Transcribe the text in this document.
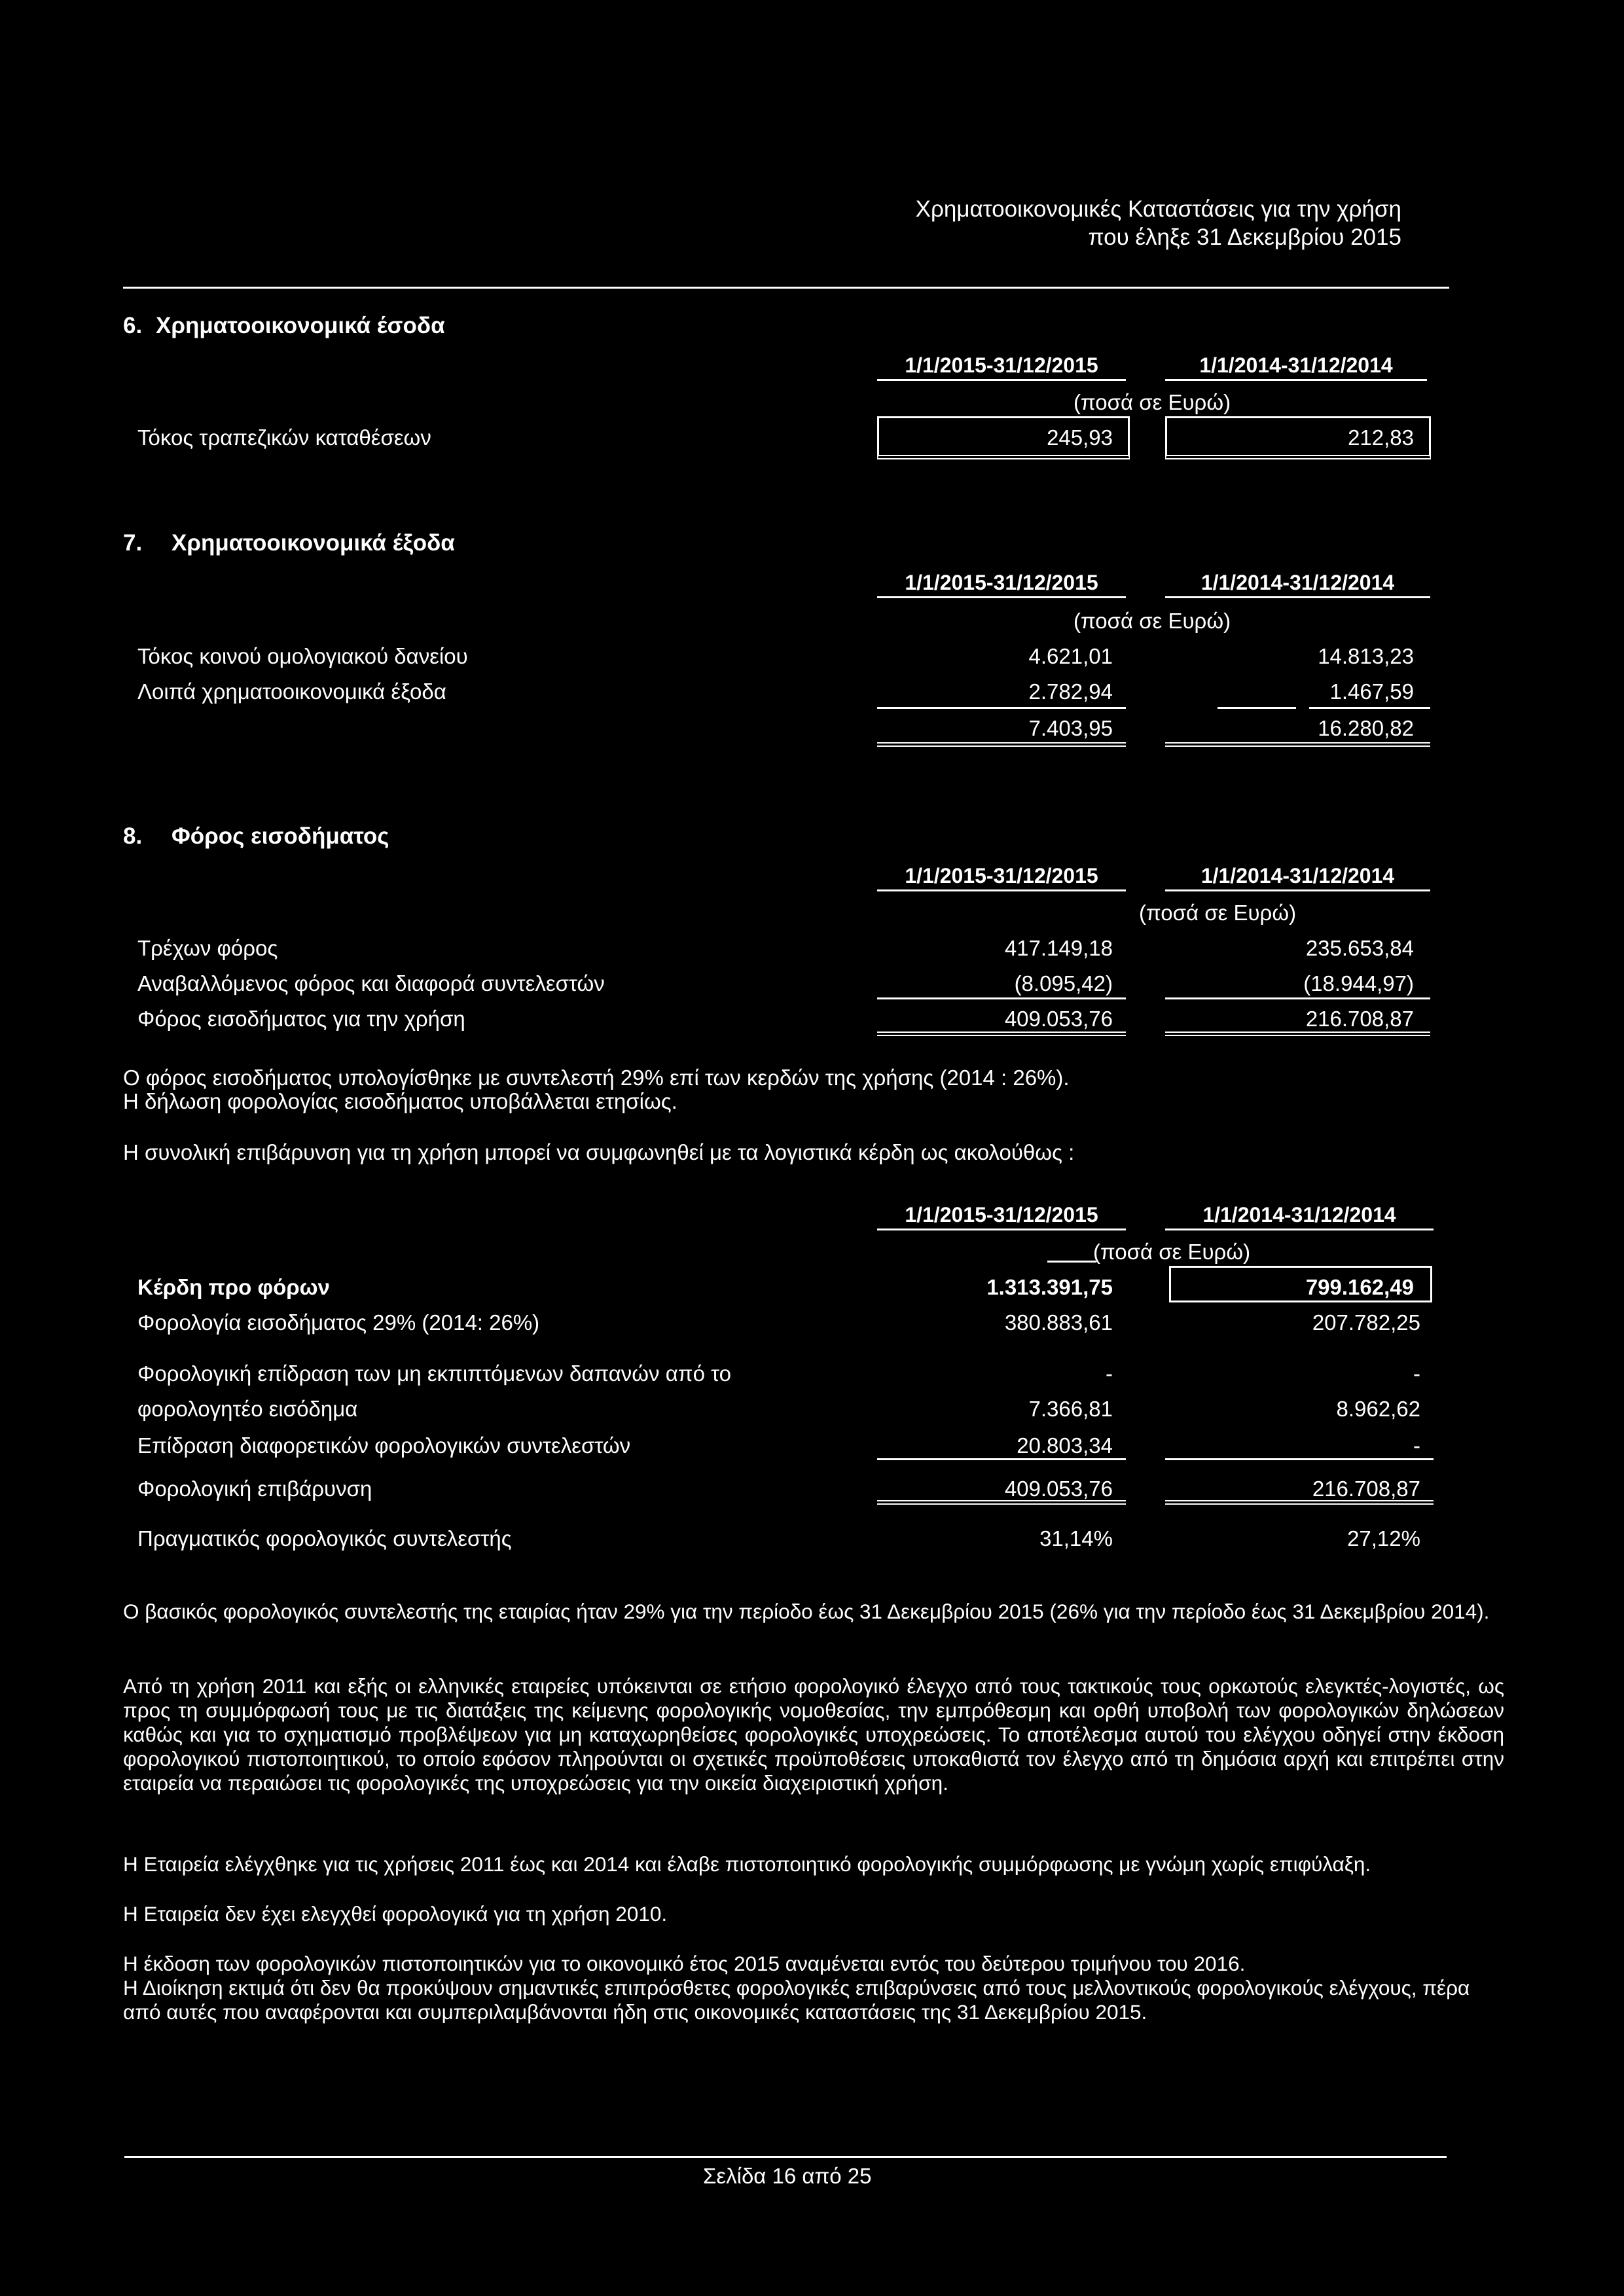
Χρηματοοικονομικές Καταστάσεις για την χρήση
που έληξε 31 Δεκεμβρίου 2015
6. Χρηματοοικονομικά έσοδα
1/1/2015-31/12/2015	1/1/2014-31/12/2014
(ποσά σε Ευρώ)
Τόκος τραπεζικών καταθέσεων	245,93	212,83
7. Χρηματοοικονομικά έξοδα
1/1/2015-31/12/2015	1/1/2014-31/12/2014
(ποσά σε Ευρώ)
Τόκος κοινού ομολογιακού δανείου	4.621,01	14.813,23
Λοιπά χρηματοοικονομικά έξοδα	2.782,94	1.467,59
7.403,95	16.280,82
8. Φόρος εισοδήματος
1/1/2015-31/12/2015	1/1/2014-31/12/2014
(ποσά σε Ευρώ)
Τρέχων φόρος	417.149,18	235.653,84
Αναβαλλόμενος φόρος και διαφορά συντελεστών	(8.095,42)	(18.944,97)
Φόρος εισοδήματος για την χρήση	409.053,76	216.708,87
Ο φόρος εισοδήματος υπολογίσθηκε με συντελεστή 29% επί των κερδών της χρήσης (2014 : 26%).
Η δήλωση φορολογίας εισοδήματος υποβάλλεται ετησίως.
Η συνολική επιβάρυνση για τη χρήση μπορεί να συμφωνηθεί με τα λογιστικά κέρδη ως ακολούθως :
1/1/2015-31/12/2015	1/1/2014-31/12/2014
(ποσά σε Ευρώ)
Κέρδη προ φόρων	1.313.391,75	799.162,49
Φορολογία εισοδήματος 29% (2014: 26%)	380.883,61	207.782,25
Φορολογική επίδραση των μη εκπιπτόμενων δαπανών από το	-	-
φορολογητέο εισόδημα	7.366,81	8.962,62
Επίδραση διαφορετικών φορολογικών συντελεστών	20.803,34	-
Φορολογική επιβάρυνση	409.053,76	216.708,87
Πραγματικός φορολογικός συντελεστής	31,14%	27,12%
Ο βασικός φορολογικός συντελεστής της εταιρίας ήταν 29% για την περίοδο έως 31 Δεκεμβρίου 2015 (26% για την περίοδο έως 31 Δεκεμβρίου 2014).
Από τη χρήση 2011 και εξής οι ελληνικές εταιρείες υπόκεινται σε ετήσιο φορολογικό έλεγχο από τους τακτικούς τους ορκωτούς ελεγκτές-λογιστές, ως προς τη συμμόρφωσή τους με τις διατάξεις της κείμενης φορολογικής νομοθεσίας, την εμπρόθεσμη και ορθή υποβολή των φορολογικών δηλώσεων καθώς και για το σχηματισμό προβλέψεων για μη καταχωρηθείσες φορολογικές υποχρεώσεις. Το αποτέλεσμα αυτού του ελέγχου οδηγεί στην έκδοση φορολογικού πιστοποιητικού, το οποίο εφόσον πληρούνται οι σχετικές προϋποθέσεις υποκαθιστά τον έλεγχο από τη δημόσια αρχή και επιτρέπει στην εταιρεία να περαιώσει τις φορολογικές της υποχρεώσεις για την οικεία διαχειριστική χρήση.
Η Εταιρεία ελέγχθηκε για τις χρήσεις 2011 έως και 2014 και έλαβε πιστοποιητικό φορολογικής συμμόρφωσης με γνώμη χωρίς επιφύλαξη.
Η Εταιρεία δεν έχει ελεγχθεί φορολογικά για τη χρήση 2010.
Η έκδοση των φορολογικών πιστοποιητικών για το οικονομικό έτος 2015 αναμένεται εντός του δεύτερου τριμήνου του 2016.
Η Διοίκηση εκτιμά ότι δεν θα προκύψουν σημαντικές επιπρόσθετες φορολογικές επιβαρύνσεις από τους μελλοντικούς φορολογικούς ελέγχους, πέρα από αυτές που αναφέρονται και συμπεριλαμβάνονται ήδη στις οικονομικές καταστάσεις της 31 Δεκεμβρίου 2015.
Σελίδα 16 από 25
